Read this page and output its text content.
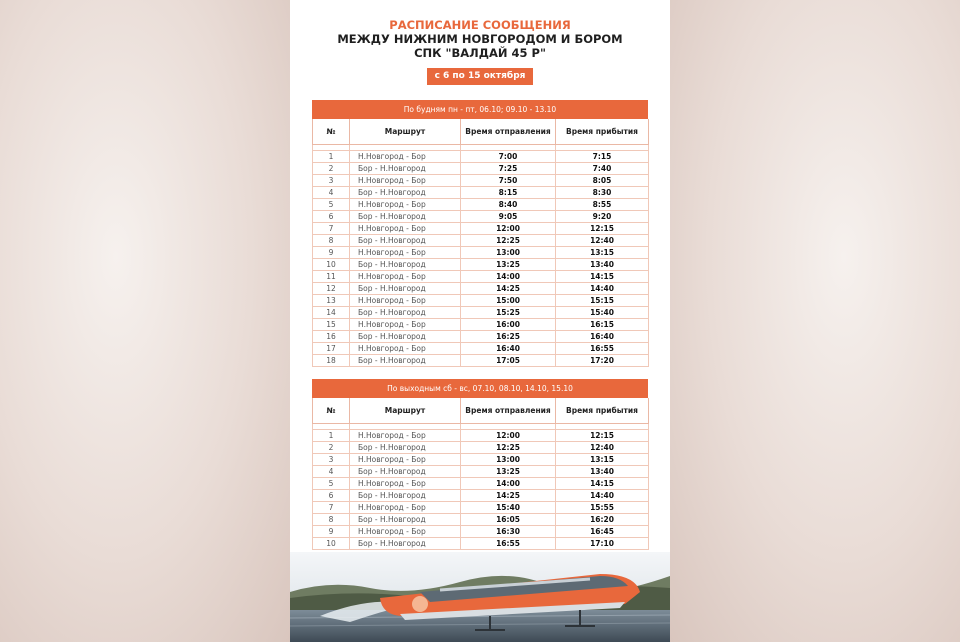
РАСПИСАНИЕ СООБЩЕНИЯ
МЕЖДУ НИЖНИМ НОВГОРОДОМ И БОРОМ
СПК "ВАЛДАЙ 45 Р"
с 6 по 15 октября
По будням пн - пт, 06.10; 09.10 - 13.10
№	Маршрут	Время отправления	Время прибытия

1	Н.Новгород - Бор	7:00	7:15
2	Бор - Н.Новгород	7:25	7:40
3	Н.Новгород - Бор	7:50	8:05
4	Бор - Н.Новгород	8:15	8:30
5	Н.Новгород - Бор	8:40	8:55
6	Бор - Н.Новгород	9:05	9:20
7	Н.Новгород - Бор	12:00	12:15
8	Бор - Н.Новгород	12:25	12:40
9	Н.Новгород - Бор	13:00	13:15
10	Бор - Н.Новгород	13:25	13:40
11	Н.Новгород - Бор	14:00	14:15
12	Бор - Н.Новгород	14:25	14:40
13	Н.Новгород - Бор	15:00	15:15
14	Бор - Н.Новгород	15:25	15:40
15	Н.Новгород - Бор	16:00	16:15
16	Бор - Н.Новгород	16:25	16:40
17	Н.Новгород - Бор	16:40	16:55
18	Бор - Н.Новгород	17:05	17:20
По выходным сб - вс, 07.10, 08.10, 14.10, 15.10
№	Маршрут	Время отправления	Время прибытия

1	Н.Новгород - Бор	12:00	12:15
2	Бор - Н.Новгород	12:25	12:40
3	Н.Новгород - Бор	13:00	13:15
4	Бор - Н.Новгород	13:25	13:40
5	Н.Новгород - Бор	14:00	14:15
6	Бор - Н.Новгород	14:25	14:40
7	Н.Новгород - Бор	15:40	15:55
8	Бор - Н.Новгород	16:05	16:20
9	Н.Новгород - Бор	16:30	16:45
10	Бор - Н.Новгород	16:55	17:10
